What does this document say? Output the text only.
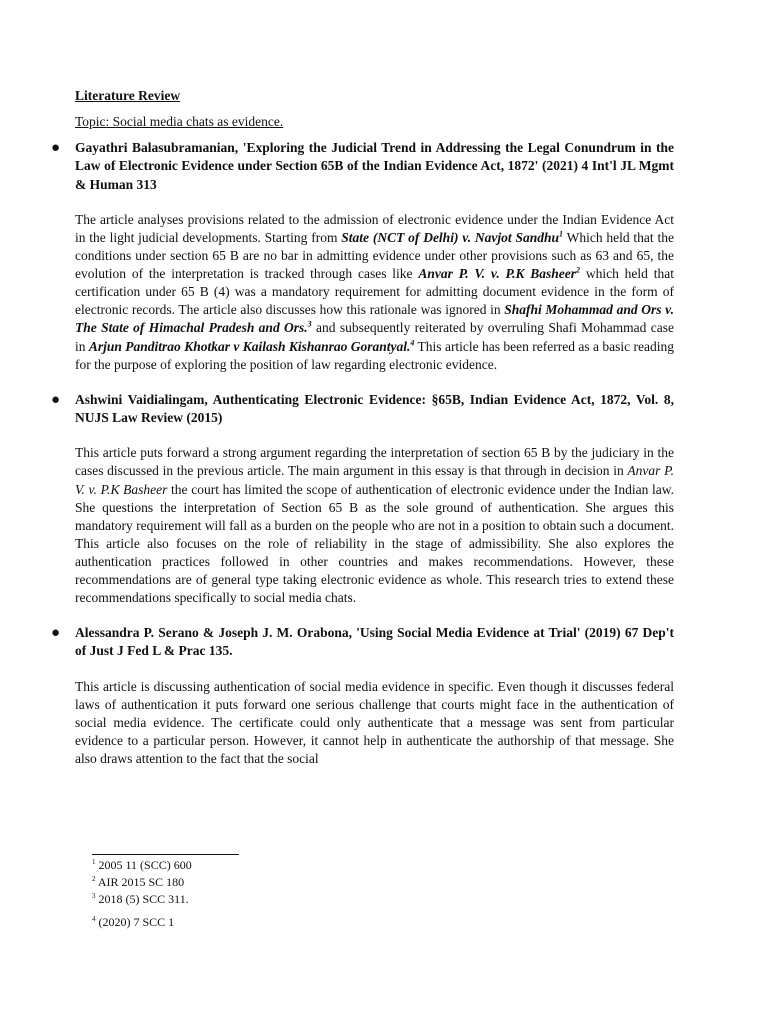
Literature Review

Topic: Social media chats as evidence.

● Gayathri Balasubramanian, 'Exploring the Judicial Trend in Addressing the Legal Conundrum in the Law of Electronic Evidence under Section 65B of the Indian Evidence Act, 1872' (2021) 4 Int'l JL Mgmt & Human 313

The article analyses provisions related to the admission of electronic evidence under the Indian Evidence Act in the light judicial developments. Starting from State (NCT of Delhi) v. Navjot Sandhu$^1$ Which held that the conditions under section 65 B are no bar in admitting evidence under other provisions such as 63 and 65, the evolution of the interpretation is tracked through cases like Anvar P. V. v. P.K Basheer$^2$ which held that certification under 65 B (4) was a mandatory requirement for admitting document evidence in the form of electronic records. The article also discusses how this rationale was ignored in Shafhi Mohammad and Ors v. The State of Himachal Pradesh and Ors.$^3$ and subsequently reiterated by overruling Shafi Mohammad case in Arjun Panditrao Khotkar v Kailash Kishanrao Gorantyal.$^4$ This article has been referred as a basic reading for the purpose of exploring the position of law regarding electronic evidence.

● Ashwini Vaidialingam, Authenticating Electronic Evidence: §65B, Indian Evidence Act, 1872, Vol. 8, NUJS Law Review (2015)

This article puts forward a strong argument regarding the interpretation of section 65 B by the judiciary in the cases discussed in the previous article. The main argument in this essay is that through in decision in Anvar P. V. v. P.K Basheer the court has limited the scope of authentication of electronic evidence under the Indian law. She questions the interpretation of Section 65 B as the sole ground of authentication. She argues this mandatory requirement will fall as a burden on the people who are not in a position to obtain such a document. This article also focuses on the role of reliability in the stage of admissibility. She also explores the authentication practices followed in other countries and makes recommendations. However, these recommendations are of general type taking electronic evidence as whole. This research tries to extend these recommendations specifically to social media chats.

● Alessandra P. Serano & Joseph J. M. Orabona, 'Using Social Media Evidence at Trial' (2019) 67 Dep't of Just J Fed L & Prac 135.

This article is discussing authentication of social media evidence in specific. Even though it discusses federal laws of authentication it puts forward one serious challenge that courts might face in the authentication of social media evidence. The certificate could only authenticate that a message was sent from particular evidence to a particular person. However, it cannot help in authenticate the authorship of that message. She also draws attention to the fact that the social

$^1$ 2005 11 (SCC) 600

$^2$ AIR 2015 SC 180

$^3$ 2018 (5) SCC 311.

$^4$ (2020) 7 SCC 1
